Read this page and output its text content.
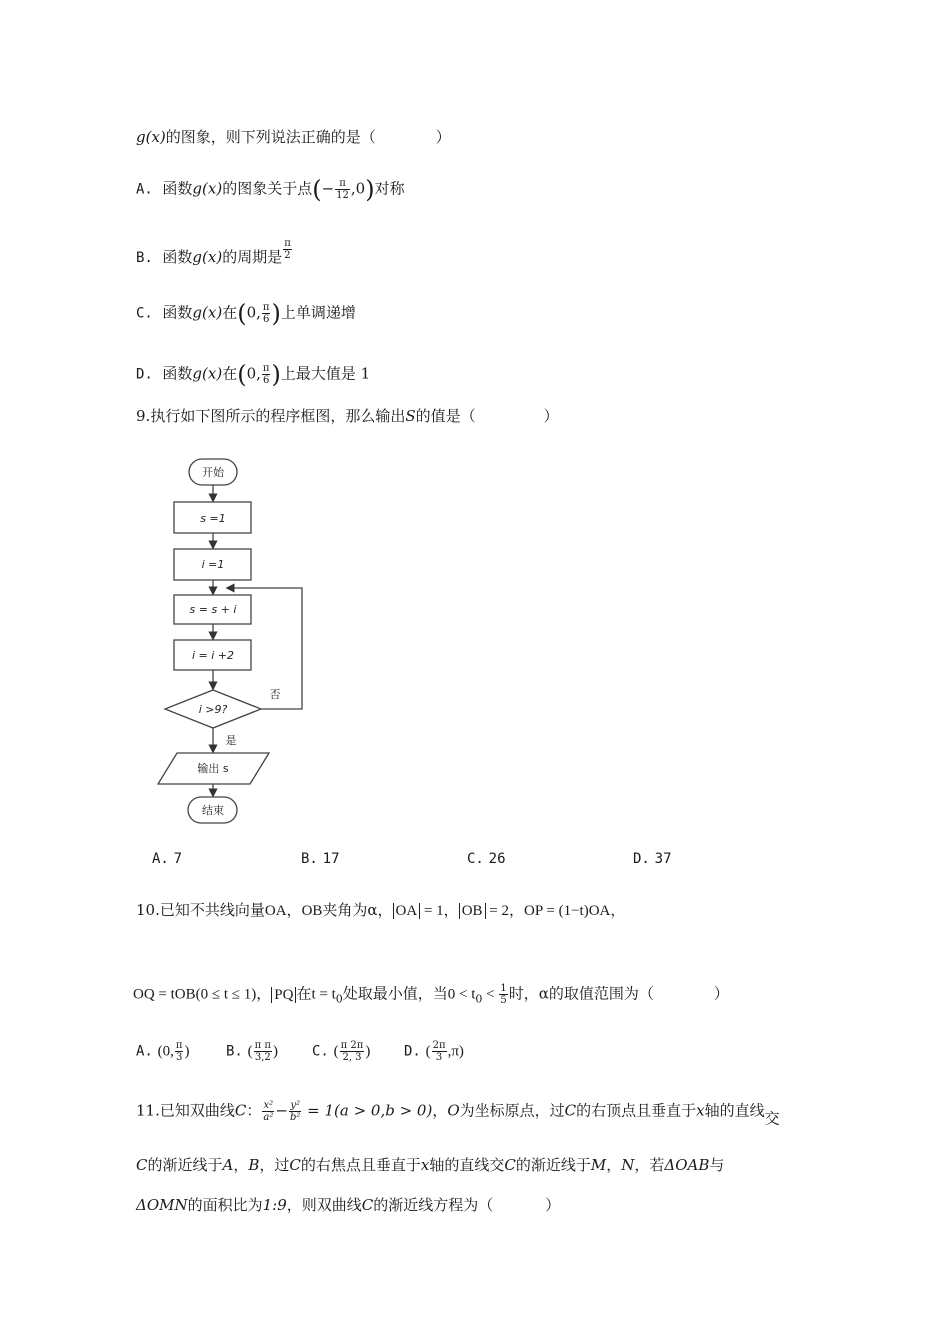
g(x)的图象，则下列说法正确的是（	）
A. 函数g(x)的图象关于点(− $\frac{\pi}{12} ,0$)对称
B. 函数g(x)的周期是 $\frac{\pi}{2}$
C. 函数g(x)在(0, $\frac{\pi}{6}$ )上单调递增
D. 函数g(x)在(0, $\frac{\pi}{6}$ )上最大值是 1
9.执行如下图所示的程序框图，那么输出S的值是（	）
开始
s =1
i =1
s = s + i
i = i +2
i >9?
否
是
输出 s
结束
A. 7	B. 17	C. 26	D. 37
10.已知不共线向量OA，OB夹角为α， OA = 1， OB = 2，OP = (1−t)OA，
OQ = tOB(0 ≤ t ≤ 1)， PQ 在$t = t_0$处取最小值，当$0 < t_0 < \frac{1}{5}$ 时，α的取值范围为（	）
A. (0, $\frac{\pi}{3}$ )	B. ( $\frac{\text{π π}}{3,2}$ ) C. ( $\frac{\pi 2\pi}{2, 3}$ ) D. ( $\frac{2\pi}{3} ,\pi$)
11.已知双曲线C： $\frac{\text{x²}}{\text{a²}} - \frac{\text{y²}}{\text{b²}} = 1(a > 0,b > 0)$，O为坐标原点，过C的右顶点且垂直于x轴的直线交
C的渐近线于A，B，过C的右焦点且垂直于x轴的直线交C的渐近线于M，N，若ΔOAB与
ΔOMN的面积比为1:9，则双曲线C的渐近线方程为（	）
